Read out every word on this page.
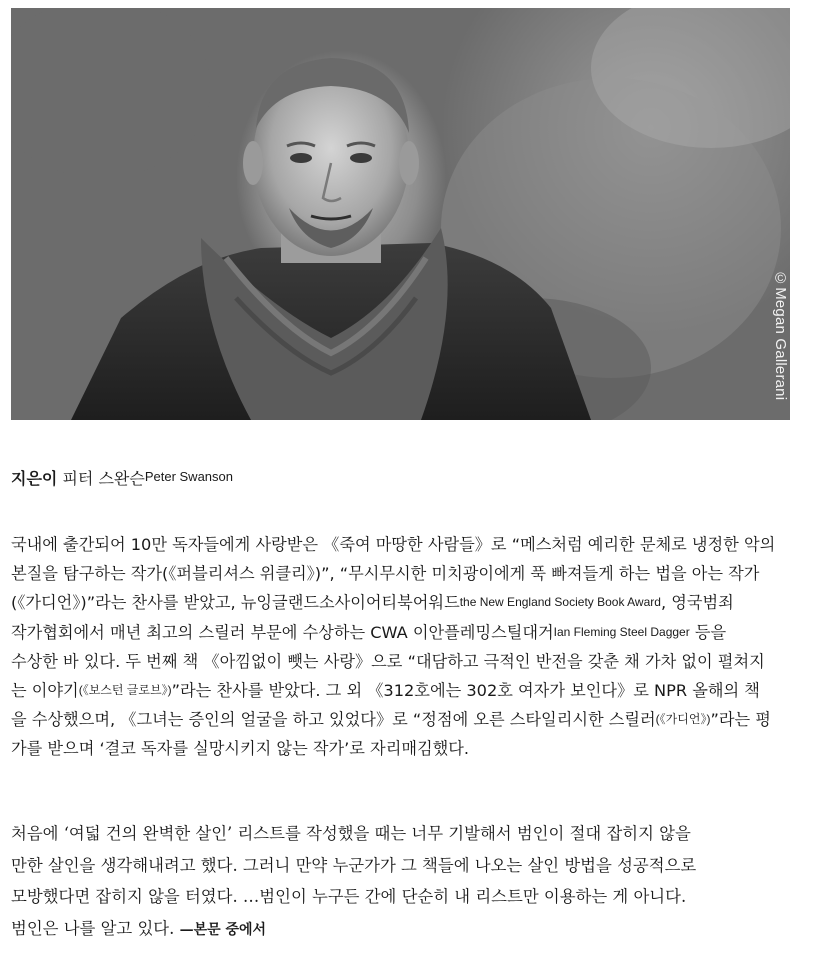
©Megan Gallerani
지은이 피터 스완슨Peter Swanson
국내에 출간되어 10만 독자들에게 사랑받은 《죽여 마땅한 사람들》로 “메스처럼 예리한 문체로 냉정한 악의
본질을 탐구하는 작가(《퍼블리셔스 위클리》)”, “무시무시한 미치광이에게 푹 빠져들게 하는 법을 아는 작가
(《가디언》)”라는 찬사를 받았고, 뉴잉글랜드소사이어티북어워드the New England Society Book Award, 영국범죄
작가협회에서 매년 최고의 스릴러 부문에 수상하는 CWA 이안플레밍스틸대거Ian Fleming Steel Dagger 등을
수상한 바 있다. 두 번째 책 《아낌없이 뺏는 사랑》으로 “대담하고 극적인 반전을 갖춘 채 가차 없이 펼쳐지
는 이야기(《보스턴 글로브》)”라는 찬사를 받았다. 그 외 《312호에는 302호 여자가 보인다》로 NPR 올해의 책
을 수상했으며, 《그녀는 증인의 얼굴을 하고 있었다》로 “정점에 오른 스타일리시한 스릴러(《가디언》)”라는 평
가를 받으며 ‘결코 독자를 실망시키지 않는 작가’로 자리매김했다.
처음에 ‘여덟 건의 완벽한 살인’ 리스트를 작성했을 때는 너무 기발해서 범인이 절대 잡히지 않을
만한 살인을 생각해내려고 했다. 그러니 만약 누군가가 그 책들에 나오는 살인 방법을 성공적으로
모방했다면 잡히지 않을 터였다. …범인이 누구든 간에 단순히 내 리스트만 이용하는 게 아니다.
범인은 나를 알고 있다. —본문 중에서
